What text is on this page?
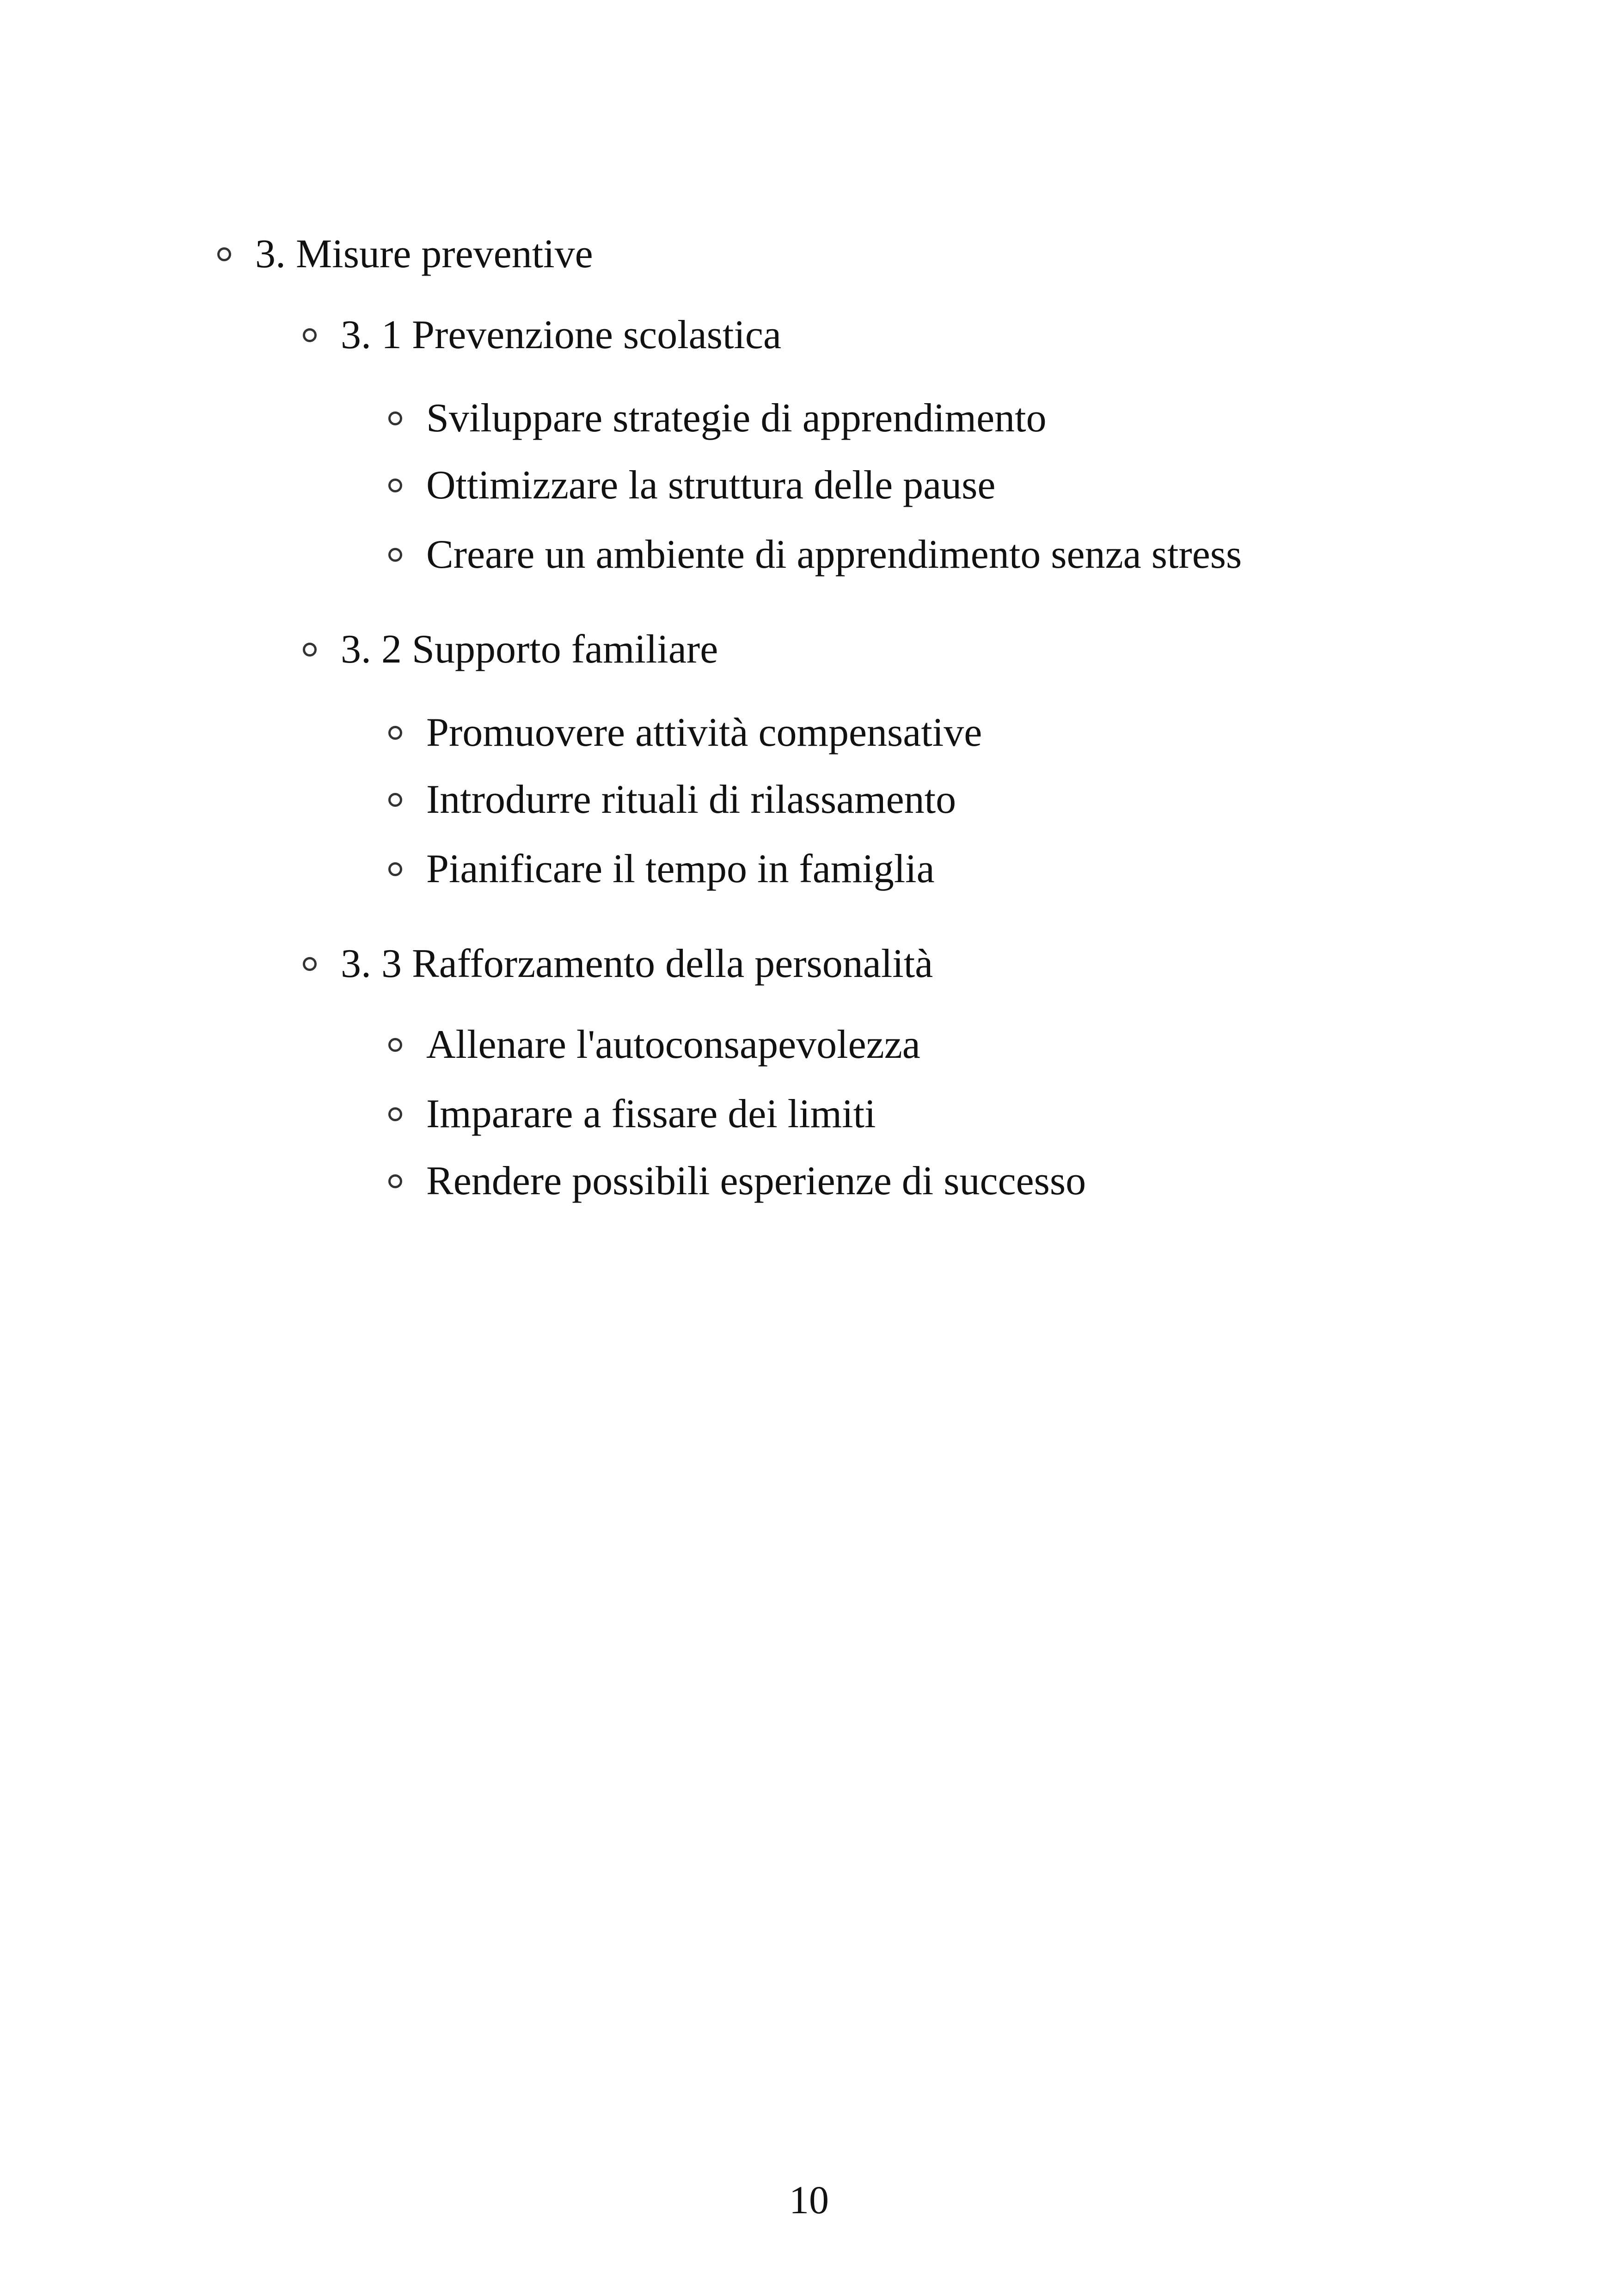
3. Misure preventive
3. 1 Prevenzione scolastica
Sviluppare strategie di apprendimento
Ottimizzare la struttura delle pause
Creare un ambiente di apprendimento senza stress
3. 2 Supporto familiare
Promuovere attività compensative
Introdurre rituali di rilassamento
Pianificare il tempo in famiglia
3. 3 Rafforzamento della personalità
Allenare l'autoconsapevolezza
Imparare a fissare dei limiti
Rendere possibili esperienze di successo
10
